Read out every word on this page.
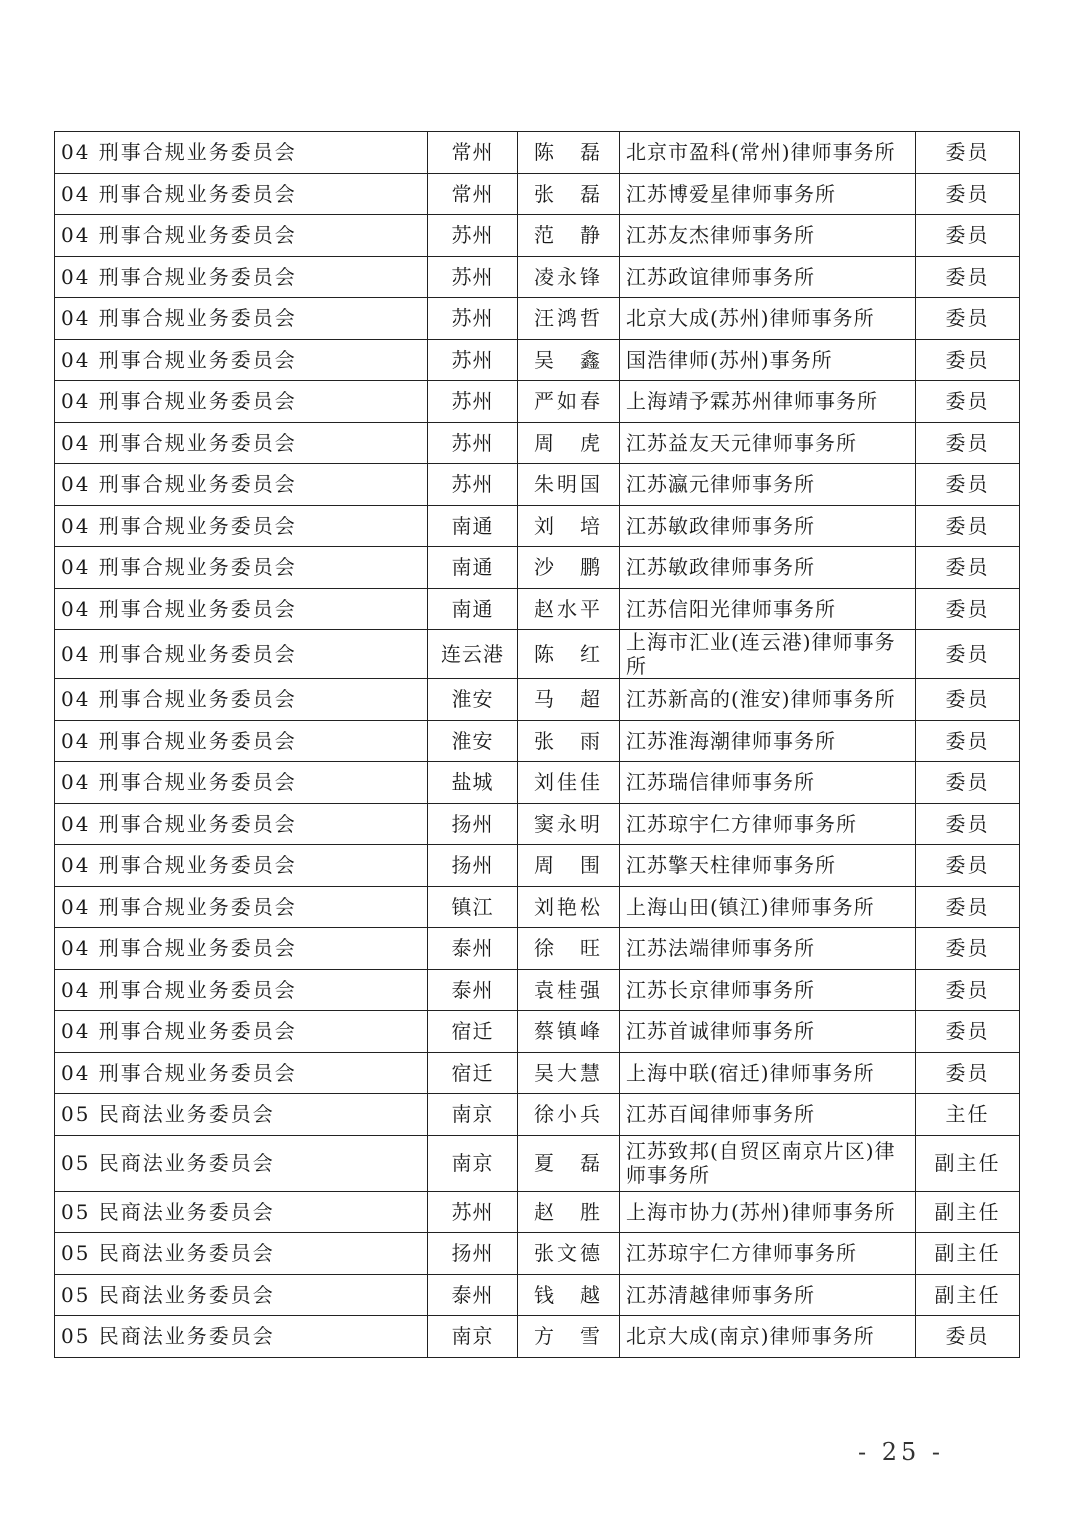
04 刑事合规业务委员会	常州	陈　磊	北京市盈科(常州)律师事务所	委员
04 刑事合规业务委员会	常州	张　磊	江苏博爱星律师事务所	委员
04 刑事合规业务委员会	苏州	范　静	江苏友杰律师事务所	委员
04 刑事合规业务委员会	苏州	凌永锋	江苏政谊律师事务所	委员
04 刑事合规业务委员会	苏州	汪鸿哲	北京大成(苏州)律师事务所	委员
04 刑事合规业务委员会	苏州	吴　鑫	国浩律师(苏州)事务所	委员
04 刑事合规业务委员会	苏州	严如春	上海靖予霖苏州律师事务所	委员
04 刑事合规业务委员会	苏州	周　虎	江苏益友天元律师事务所	委员
04 刑事合规业务委员会	苏州	朱明国	江苏瀛元律师事务所	委员
04 刑事合规业务委员会	南通	刘　培	江苏敏政律师事务所	委员
04 刑事合规业务委员会	南通	沙　鹏	江苏敏政律师事务所	委员
04 刑事合规业务委员会	南通	赵水平	江苏信阳光律师事务所	委员
04 刑事合规业务委员会	连云港	陈　红	上海市汇业(连云港)律师事务所	委员
04 刑事合规业务委员会	淮安	马　超	江苏新高的(淮安)律师事务所	委员
04 刑事合规业务委员会	淮安	张　雨	江苏淮海潮律师事务所	委员
04 刑事合规业务委员会	盐城	刘佳佳	江苏瑞信律师事务所	委员
04 刑事合规业务委员会	扬州	窦永明	江苏琼宇仁方律师事务所	委员
04 刑事合规业务委员会	扬州	周　围	江苏擎天柱律师事务所	委员
04 刑事合规业务委员会	镇江	刘艳松	上海山田(镇江)律师事务所	委员
04 刑事合规业务委员会	泰州	徐　旺	江苏法端律师事务所	委员
04 刑事合规业务委员会	泰州	袁桂强	江苏长京律师事务所	委员
04 刑事合规业务委员会	宿迁	蔡镇峰	江苏首诚律师事务所	委员
04 刑事合规业务委员会	宿迁	吴大慧	上海中联(宿迁)律师事务所	委员
05 民商法业务委员会	南京	徐小兵	江苏百闻律师事务所	主任
05 民商法业务委员会	南京	夏　磊	江苏致邦(自贸区南京片区)律师事务所	副主任
05 民商法业务委员会	苏州	赵　胜	上海市协力(苏州)律师事务所	副主任
05 民商法业务委员会	扬州	张文德	江苏琼宇仁方律师事务所	副主任
05 民商法业务委员会	泰州	钱　越	江苏清越律师事务所	副主任
05 民商法业务委员会	南京	方　雪	北京大成(南京)律师事务所	委员
- 25 -
